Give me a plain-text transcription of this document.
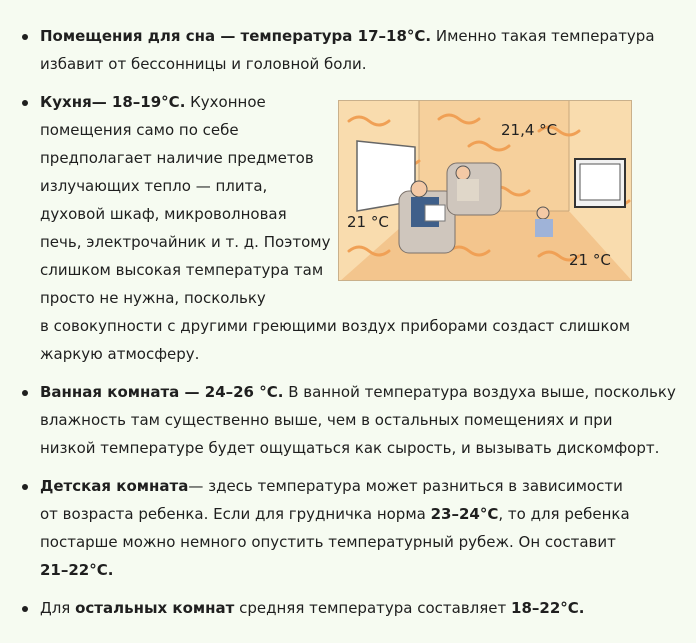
Помещения для сна — температура 17–18°C. Именно такая температура
избавит от бессонницы и головной боли.
Кухня— 18–19°C. Кухонное
помещения само по себе
предполагает наличие предметов
излучающих тепло — плита,
духовой шкаф, микроволновая
печь, электрочайник и т. д. Поэтому
слишком высокая температура там
просто не нужна, поскольку
в совокупности с другими греющими воздух приборами создаст слишком
жаркую атмосферу.
21,4 °C
21 °C
21 °C
Ванная комната — 24–26 °C. В ванной температура воздуха выше, поскольку
влажность там существенно выше, чем в остальных помещениях и при
низкой температуре будет ощущаться как сырость, и вызывать дискомфорт.
Детская комната— здесь температура может разниться в зависимости
от возраста ребенка. Если для грудничка норма 23–24°C, то для ребенка
постарше можно немного опустить температурный рубеж. Он составит
21–22°C.
Для остальных комнат средняя температура составляет 18–22°C.
